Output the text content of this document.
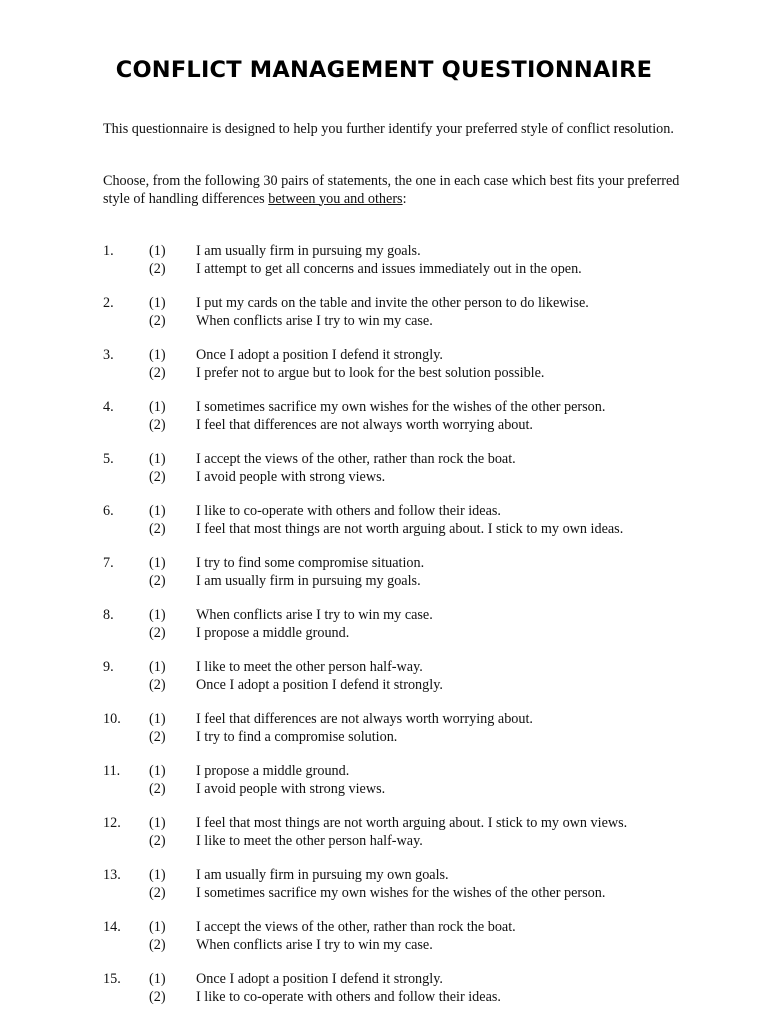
CONFLICT MANAGEMENT QUESTIONNAIRE

This questionnaire is designed to help you further identify your preferred style of conflict resolution.

Choose, from the following 30 pairs of statements, the one in each case which best fits your preferred style of handling differences between you and others:

1. (1) I am usually firm in pursuing my goals.
(2) I attempt to get all concerns and issues immediately out in the open.
2. (1) I put my cards on the table and invite the other person to do likewise.
(2) When conflicts arise I try to win my case.
3. (1) Once I adopt a position I defend it strongly.
(2) I prefer not to argue but to look for the best solution possible.
4. (1) I sometimes sacrifice my own wishes for the wishes of the other person.
(2) I feel that differences are not always worth worrying about.
5. (1) I accept the views of the other, rather than rock the boat.
(2) I avoid people with strong views.
6. (1) I like to co-operate with others and follow their ideas.
(2) I feel that most things are not worth arguing about. I stick to my own ideas.
7. (1) I try to find some compromise situation.
(2) I am usually firm in pursuing my goals.
8. (1) When conflicts arise I try to win my case.
(2) I propose a middle ground.
9. (1) I like to meet the other person half-way.
(2) Once I adopt a position I defend it strongly.
10. (1) I feel that differences are not always worth worrying about.
(2) I try to find a compromise solution.
11. (1) I propose a middle ground.
(2) I avoid people with strong views.
12. (1) I feel that most things are not worth arguing about. I stick to my own views.
(2) I like to meet the other person half-way.
13. (1) I am usually firm in pursuing my own goals.
(2) I sometimes sacrifice my own wishes for the wishes of the other person.
14. (1) I accept the views of the other, rather than rock the boat.
(2) When conflicts arise I try to win my case.
15. (1) Once I adopt a position I defend it strongly.
(2) I like to co-operate with others and follow their ideas.
